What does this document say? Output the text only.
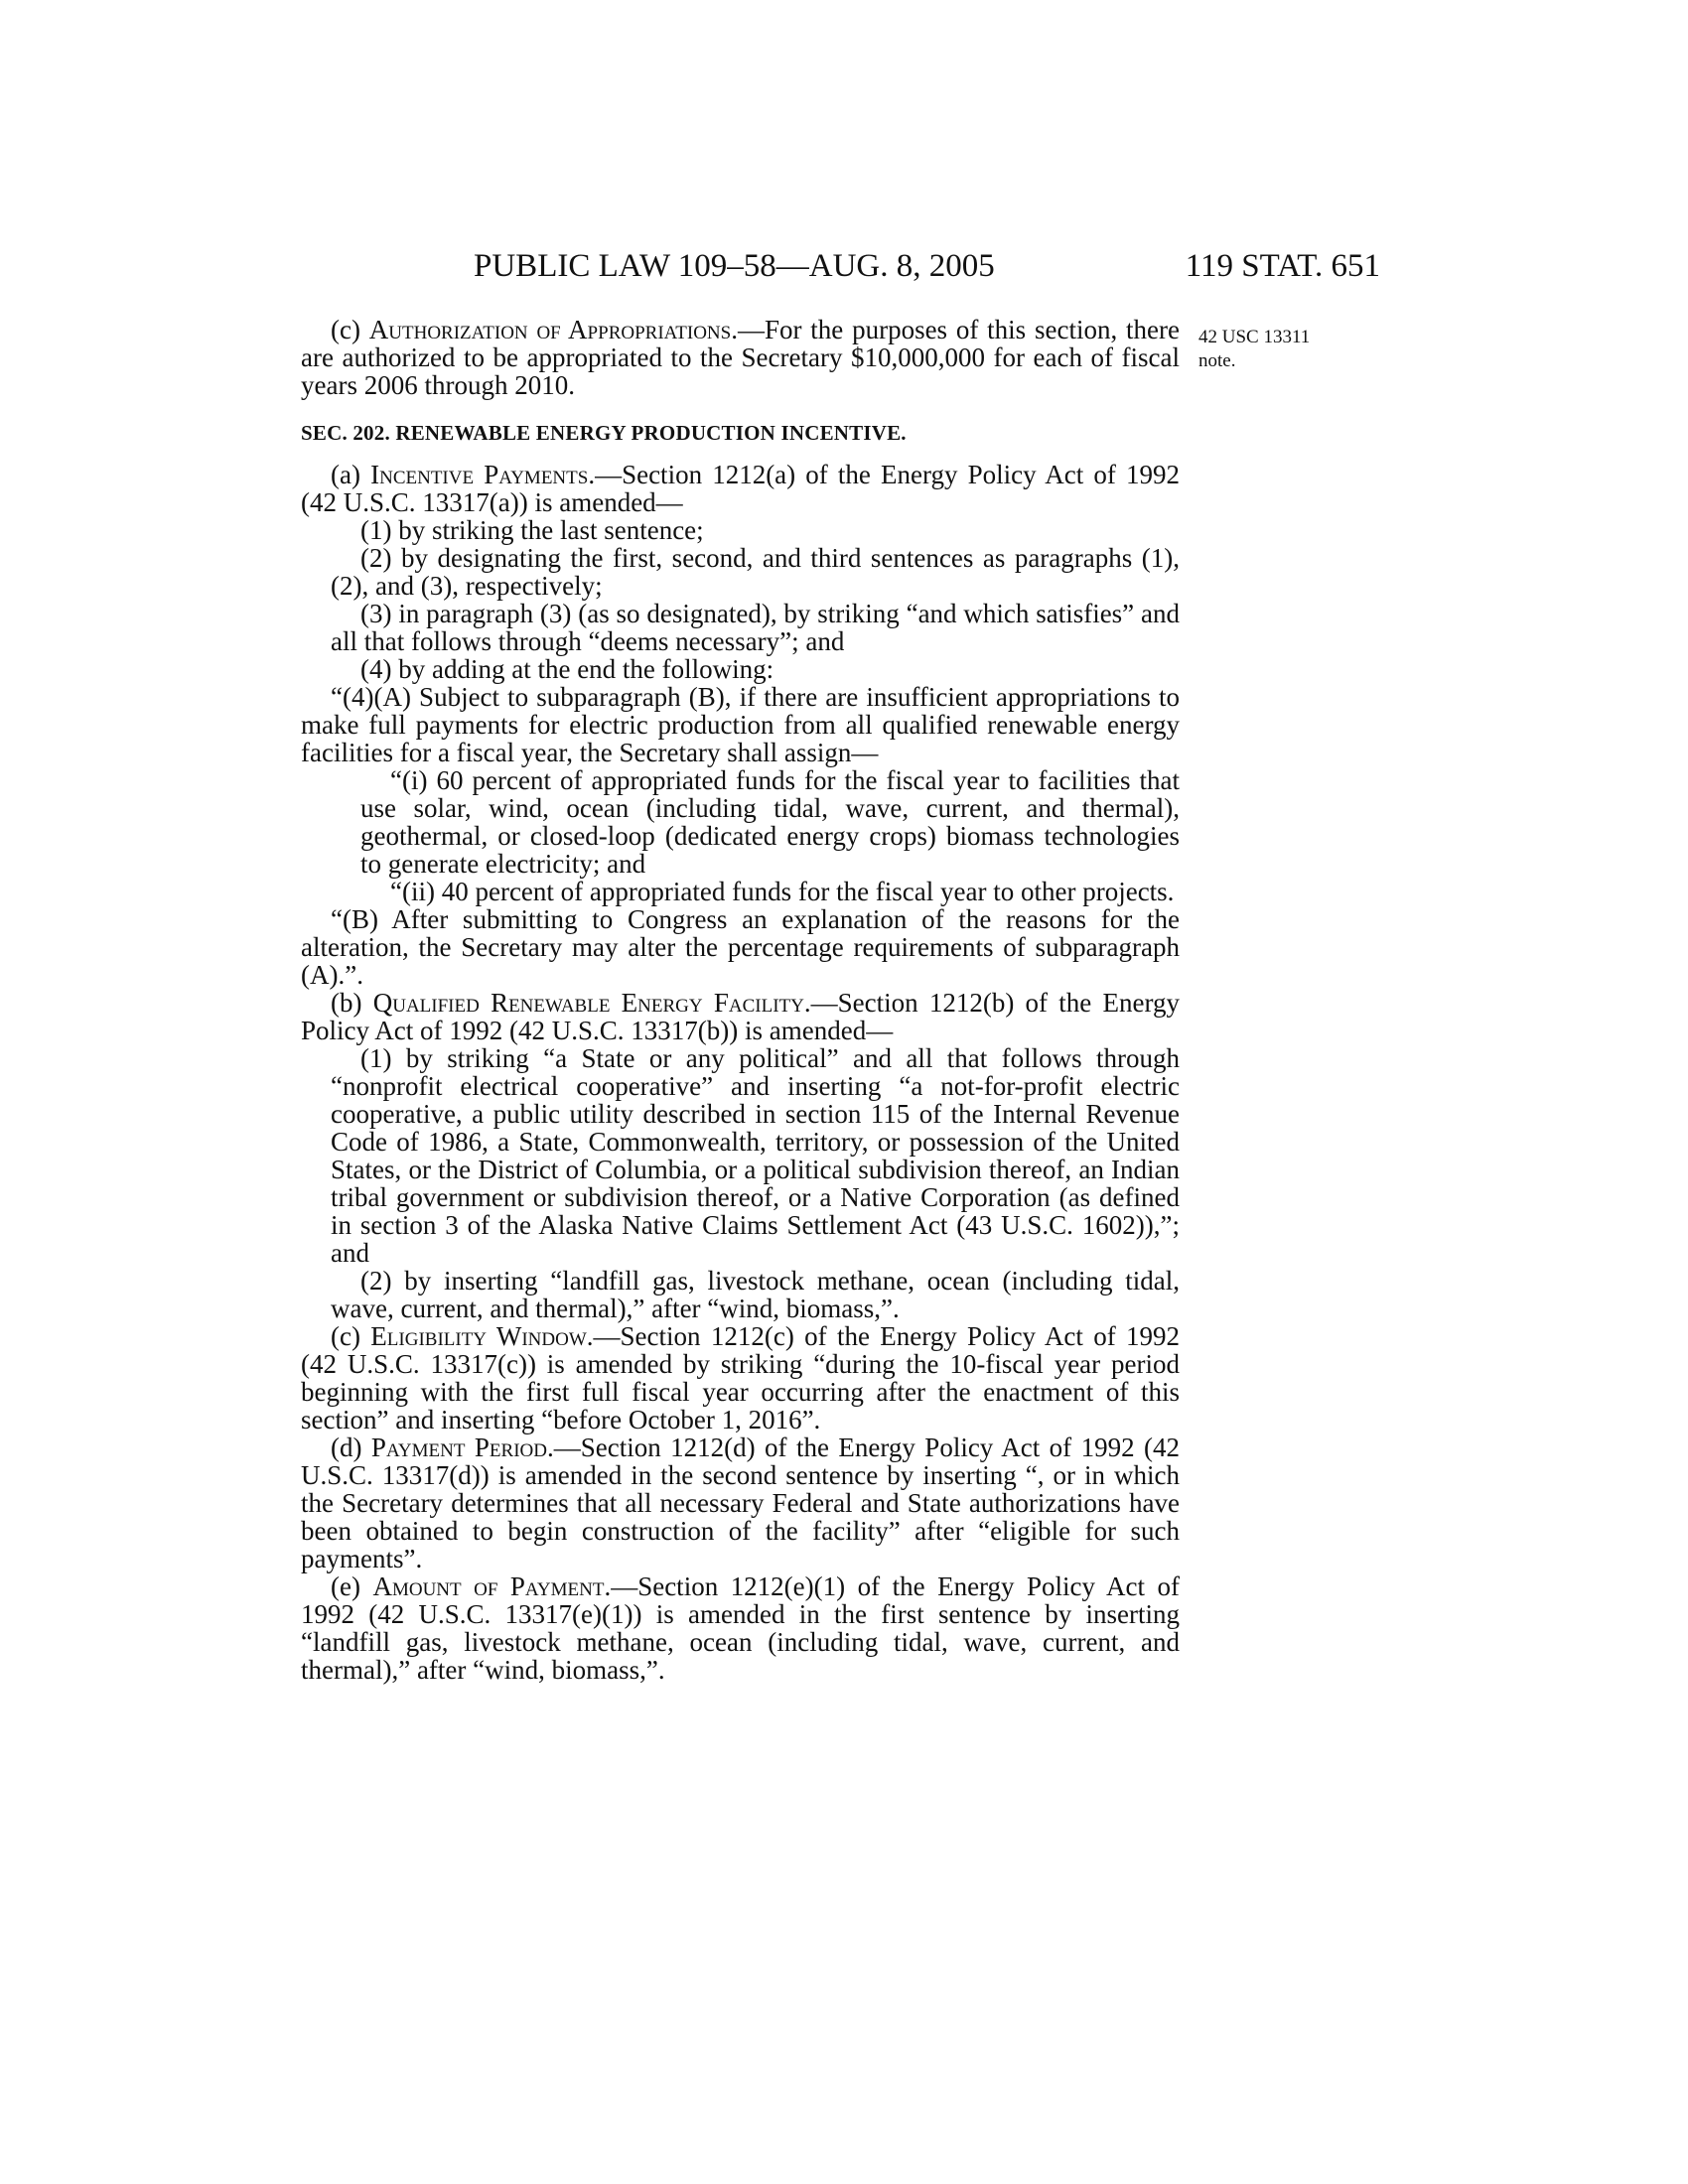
PUBLIC LAW 109–58—AUG. 8, 2005	119 STAT. 651
42 USC 13311
note.

(c) Authorization of Appropriations.—For the purposes of this section, there are authorized to be appropriated to the Secretary $10,000,000 for each of fiscal years 2006 through 2010.

SEC. 202. RENEWABLE ENERGY PRODUCTION INCENTIVE.

(a) Incentive Payments.—Section 1212(a) of the Energy Policy Act of 1992 (42 U.S.C. 13317(a)) is amended—

(1) by striking the last sentence;

(2) by designating the first, second, and third sentences as paragraphs (1), (2), and (3), respectively;

(3) in paragraph (3) (as so designated), by striking “and which satisfies” and all that follows through “deems necessary”; and

(4) by adding at the end the following:

“(4)(A) Subject to subparagraph (B), if there are insufficient appropriations to make full payments for electric production from all qualified renewable energy facilities for a fiscal year, the Secretary shall assign—

“(i) 60 percent of appropriated funds for the fiscal year to facilities that use solar, wind, ocean (including tidal, wave, current, and thermal), geothermal, or closed-loop (dedicated energy crops) biomass technologies to generate electricity; and

“(ii) 40 percent of appropriated funds for the fiscal year to other projects.

“(B) After submitting to Congress an explanation of the reasons for the alteration, the Secretary may alter the percentage requirements of subparagraph (A).”.

(b) Qualified Renewable Energy Facility.—Section 1212(b) of the Energy Policy Act of 1992 (42 U.S.C. 13317(b)) is amended—

(1) by striking “a State or any political” and all that follows through “nonprofit electrical cooperative” and inserting “a not-for-profit electric cooperative, a public utility described in section 115 of the Internal Revenue Code of 1986, a State, Commonwealth, territory, or possession of the United States, or the District of Columbia, or a political subdivision thereof, an Indian tribal government or subdivision thereof, or a Native Corporation (as defined in section 3 of the Alaska Native Claims Settlement Act (43 U.S.C. 1602)),”; and

(2) by inserting “landfill gas, livestock methane, ocean (including tidal, wave, current, and thermal),” after “wind, biomass,”.

(c) Eligibility Window.—Section 1212(c) of the Energy Policy Act of 1992 (42 U.S.C. 13317(c)) is amended by striking “during the 10-fiscal year period beginning with the first full fiscal year occurring after the enactment of this section” and inserting “before October 1, 2016”.

(d) Payment Period.—Section 1212(d) of the Energy Policy Act of 1992 (42 U.S.C. 13317(d)) is amended in the second sentence by inserting “, or in which the Secretary determines that all necessary Federal and State authorizations have been obtained to begin construction of the facility” after “eligible for such payments”.

(e) Amount of Payment.—Section 1212(e)(1) of the Energy Policy Act of 1992 (42 U.S.C. 13317(e)(1)) is amended in the first sentence by inserting “landfill gas, livestock methane, ocean (including tidal, wave, current, and thermal),” after “wind, biomass,”.
